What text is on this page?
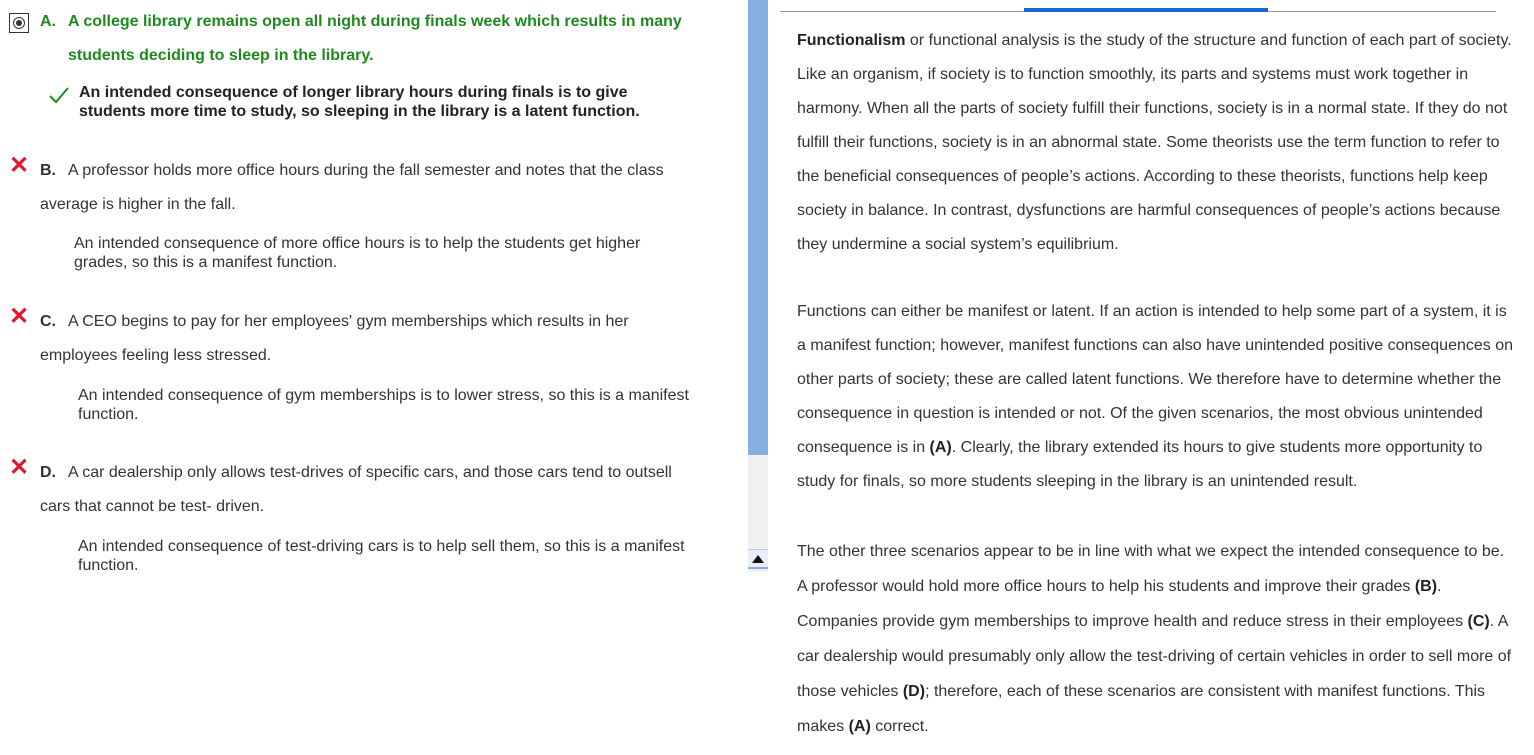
A. A college library remains open all night during finals week which results in many
students deciding to sleep in the library.
An intended consequence of longer library hours during finals is to give students more time to study, so sleeping in the library is a latent function.
✕ B. A professor holds more office hours during the fall semester and notes that the class
average is higher in the fall.
An intended consequence of more office hours is to help the students get higher grades, so this is a manifest function.
✕ C. A CEO begins to pay for her employees' gym memberships which results in her
employees feeling less stressed.
An intended consequence of gym memberships is to lower stress, so this is a manifest function.
✕ D. A car dealership only allows test-drives of specific cars, and those cars tend to outsell
cars that cannot be test- driven.
An intended consequence of test-driving cars is to help sell them, so this is a manifest function.
Functionalism or functional analysis is the study of the structure and function of each part of society. Like an organism, if society is to function smoothly, its parts and systems must work together in harmony. When all the parts of society fulfill their functions, society is in a normal state. If they do not fulfill their functions, society is in an abnormal state. Some theorists use the term function to refer to the beneficial consequences of people’s actions. According to these theorists, functions help keep society in balance. In contrast, dysfunctions are harmful consequences of people’s actions because they undermine a social system’s equilibrium.
Functions can either be manifest or latent. If an action is intended to help some part of a system, it is a manifest function; however, manifest functions can also have unintended positive consequences on other parts of society; these are called latent functions. We therefore have to determine whether the consequence in question is intended or not. Of the given scenarios, the most obvious unintended consequence is in (A). Clearly, the library extended its hours to give students more opportunity to study for finals, so more students sleeping in the library is an unintended result.
The other three scenarios appear to be in line with what we expect the intended consequence to be. A professor would hold more office hours to help his students and improve their grades (B). Companies provide gym memberships to improve health and reduce stress in their employees (C). A car dealership would presumably only allow the test-driving of certain vehicles in order to sell more of those vehicles (D); therefore, each of these scenarios are consistent with manifest functions. This makes (A) correct.
